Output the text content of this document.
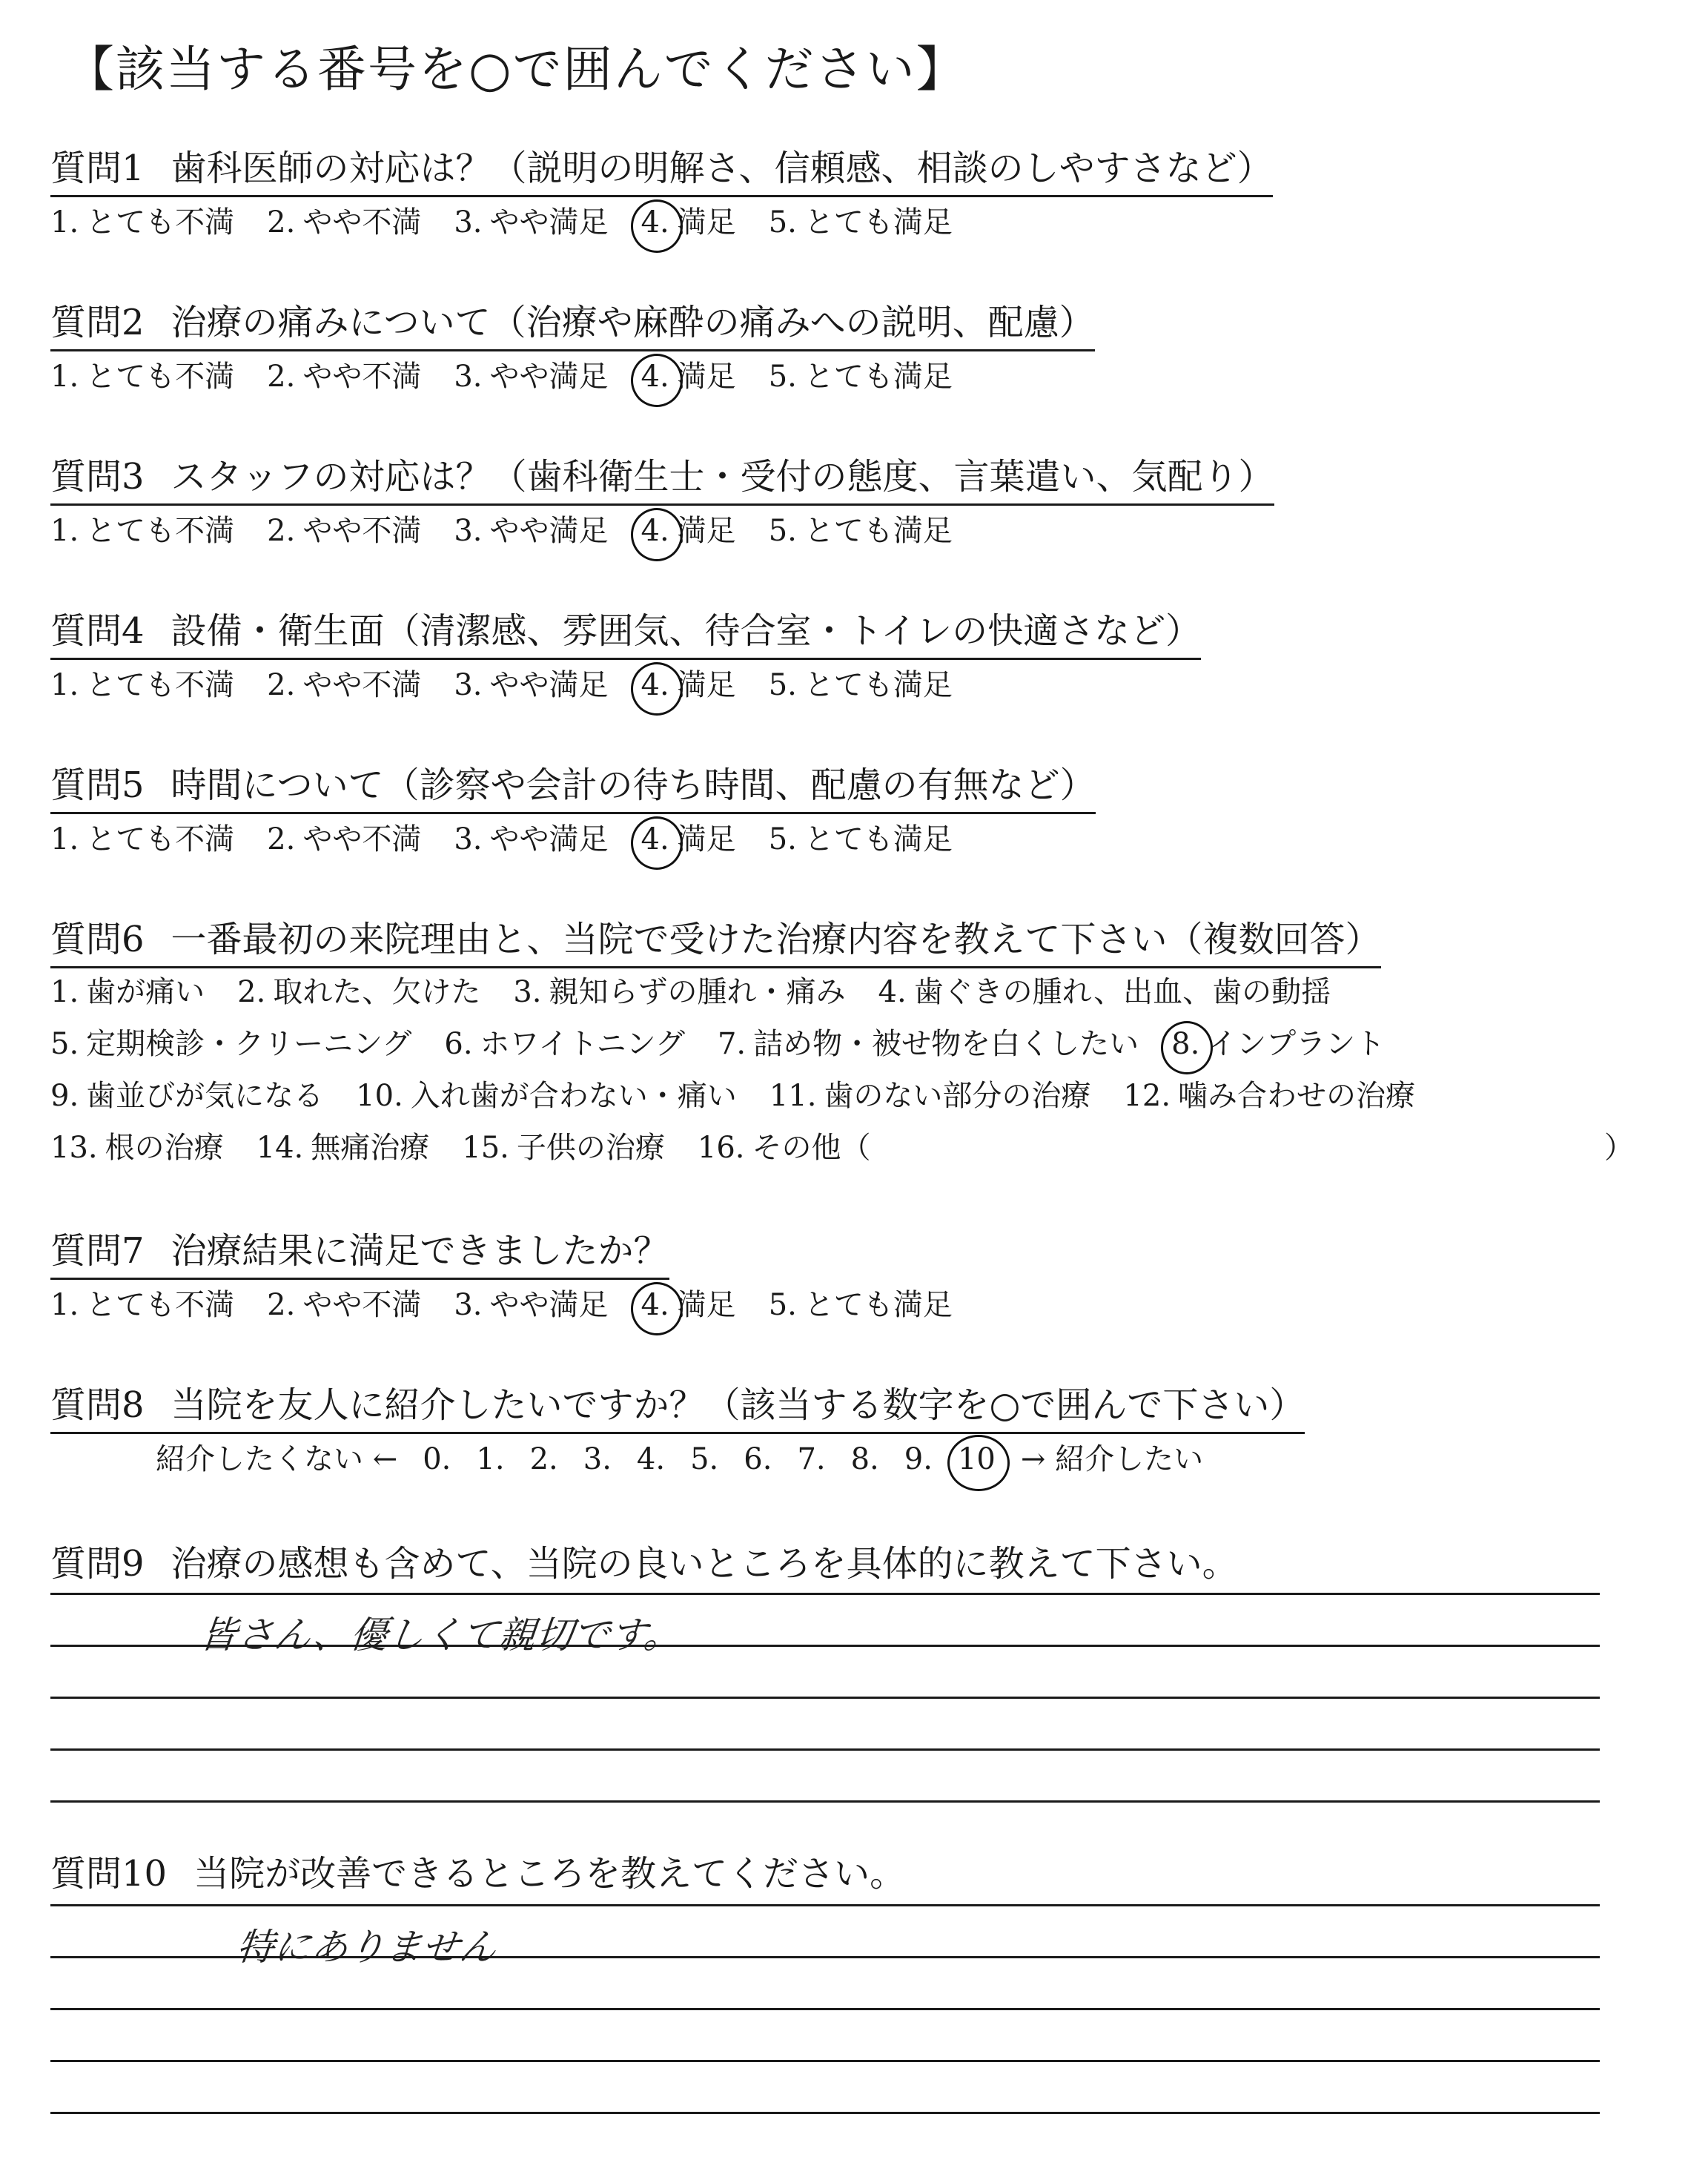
【該当する番号を○で囲んでください】
質問1 歯科医師の対応は？（説明の明解さ、信頼感、相談のしやすさなど）
1. とても不満 2. やや不満 3. やや満足 4. 満足 5. とても満足
質問2 治療の痛みについて（治療や麻酔の痛みへの説明、配慮）
1. とても不満 2. やや不満 3. やや満足 4. 満足 5. とても満足
質問3 スタッフの対応は？（歯科衛生士・受付の態度、言葉遣い、気配り）
1. とても不満 2. やや不満 3. やや満足 4. 満足 5. とても満足
質問4 設備・衛生面（清潔感、雰囲気、待合室・トイレの快適さなど）
1. とても不満 2. やや不満 3. やや満足 4. 満足 5. とても満足
質問5 時間について（診察や会計の待ち時間、配慮の有無など）
1. とても不満 2. やや不満 3. やや満足 4. 満足 5. とても満足
質問6 一番最初の来院理由と、当院で受けた治療内容を教えて下さい（複数回答）
1. 歯が痛い 2. 取れた、欠けた 3. 親知らずの腫れ・痛み 4. 歯ぐきの腫れ、出血、歯の動揺
5. 定期検診・クリーニング 6. ホワイトニング 7. 詰め物・被せ物を白くしたい 8. インプラント
9. 歯並びが気になる 10. 入れ歯が合わない・痛い 11. 歯のない部分の治療 12. 噛み合わせの治療
13. 根の治療 14. 無痛治療 15. 子供の治療 16. その他（	）
質問7 治療結果に満足できましたか？
1. とても不満 2. やや不満 3. やや満足 4. 満足 5. とても満足
質問8 当院を友人に紹介したいですか？（該当する数字を○で囲んで下さい）
紹介したくない ← 0. 1. 2. 3. 4. 5. 6. 7. 8. 9. 10 → 紹介したい
質問9 治療の感想も含めて、当院の良いところを具体的に教えて下さい。
皆さん、優しくて親切です。
質問10 当院が改善できるところを教えてください。
特にありません
